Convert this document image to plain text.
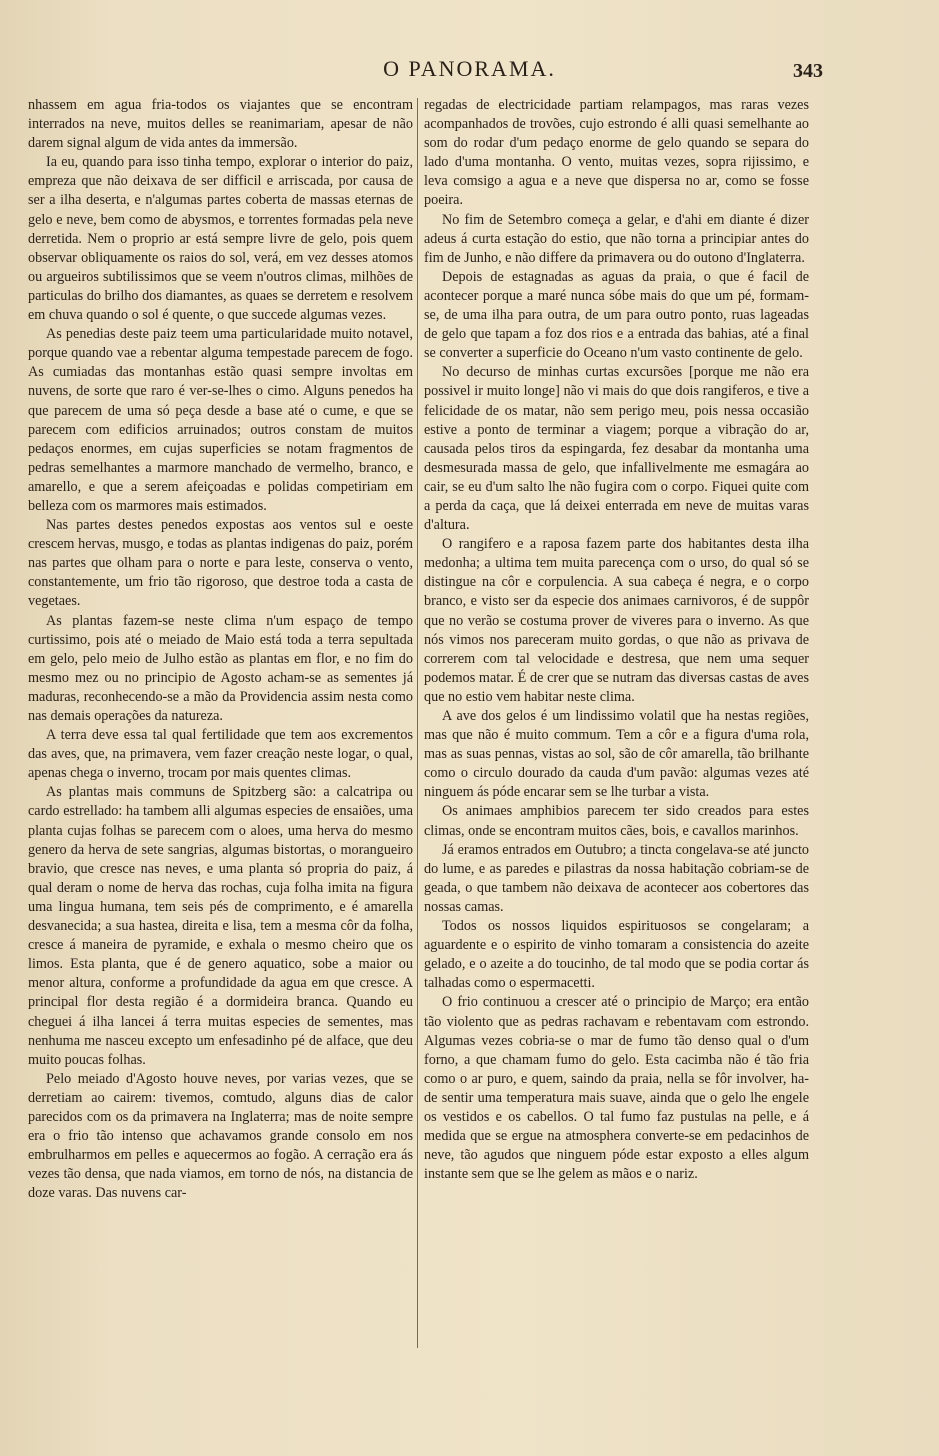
O PANORAMA.	343

nhassem em agua fria-todos os viajantes que se encontram interrados na neve, muitos delles se reanimariam, apesar de não darem signal algum de vida antes da immersão.

Ia eu, quando para isso tinha tempo, explorar o interior do paiz, empreza que não deixava de ser difficil e arriscada, por causa de ser a ilha deserta, e n'algumas partes coberta de massas eternas de gelo e neve, bem como de abysmos, e torrentes formadas pela neve derretida. Nem o proprio ar está sempre livre de gelo, pois quem observar obliquamente os raios do sol, verá, em vez desses atomos ou argueiros subtilissimos que se veem n'outros climas, milhões de particulas do brilho dos diamantes, as quaes se derretem e resolvem em chuva quando o sol é quente, o que succede algumas vezes.

As penedias deste paiz teem uma particularidade muito notavel, porque quando vae a rebentar alguma tempestade parecem de fogo. As cumiadas das montanhas estão quasi sempre involtas em nuvens, de sorte que raro é ver-se-lhes o cimo. Alguns penedos ha que parecem de uma só peça desde a base até o cume, e que se parecem com edificios arruinados; outros constam de muitos pedaços enormes, em cujas superficies se notam fragmentos de pedras semelhantes a marmore manchado de vermelho, branco, e amarello, e que a serem afeiçoadas e polidas competiriam em belleza com os marmores mais estimados.

Nas partes destes penedos expostas aos ventos sul e oeste crescem hervas, musgo, e todas as plantas indigenas do paiz, porém nas partes que olham para o norte e para leste, conserva o vento, constantemente, um frio tão rigoroso, que destroe toda a casta de vegetaes.

As plantas fazem-se neste clima n'um espaço de tempo curtissimo, pois até o meiado de Maio está toda a terra sepultada em gelo, pelo meio de Julho estão as plantas em flor, e no fim do mesmo mez ou no principio de Agosto acham-se as sementes já maduras, reconhecendo-se a mão da Providencia assim nesta como nas demais operações da natureza.

A terra deve essa tal qual fertilidade que tem aos excrementos das aves, que, na primavera, vem fazer creação neste logar, o qual, apenas chega o inverno, trocam por mais quentes climas.

As plantas mais communs de Spitzberg são: a calcatripa ou cardo estrellado: ha tambem alli algumas especies de ensaiões, uma planta cujas folhas se parecem com o aloes, uma herva do mesmo genero da herva de sete sangrias, algumas bistortas, o morangueiro bravio, que cresce nas neves, e uma planta só propria do paiz, á qual deram o nome de herva das rochas, cuja folha imita na figura uma lingua humana, tem seis pés de comprimento, e é amarella desvanecida; a sua hastea, direita e lisa, tem a mesma côr da folha, cresce á maneira de pyramide, e exhala o mesmo cheiro que os limos. Esta planta, que é de genero aquatico, sobe a maior ou menor altura, conforme a profundidade da agua em que cresce. A principal flor desta região é a dormideira branca. Quando eu cheguei á ilha lancei á terra muitas especies de sementes, mas nenhuma me nasceu excepto um enfesadinho pé de alface, que deu muito poucas folhas.

Pelo meiado d'Agosto houve neves, por varias vezes, que se derretiam ao cairem: tivemos, comtudo, alguns dias de calor parecidos com os da primavera na Inglaterra; mas de noite sempre era o frio tão intenso que achavamos grande consolo em nos embrulharmos em pelles e aquecermos ao fogão. A cerração era ás vezes tão densa, que nada viamos, em torno de nós, na distancia de doze varas. Das nuvens car-

regadas de electricidade partiam relampagos, mas raras vezes acompanhados de trovões, cujo estrondo é alli quasi semelhante ao som do rodar d'um pedaço enorme de gelo quando se separa do lado d'uma montanha. O vento, muitas vezes, sopra rijissimo, e leva comsigo a agua e a neve que dispersa no ar, como se fosse poeira.

No fim de Setembro começa a gelar, e d'ahi em diante é dizer adeus á curta estação do estio, que não torna a principiar antes do fim de Junho, e não differe da primavera ou do outono d'Inglaterra.

Depois de estagnadas as aguas da praia, o que é facil de acontecer porque a maré nunca sóbe mais do que um pé, formam-se, de uma ilha para outra, de um para outro ponto, ruas lageadas de gelo que tapam a foz dos rios e a entrada das bahias, até a final se converter a superficie do Oceano n'um vasto continente de gelo.

No decurso de minhas curtas excursões [porque me não era possivel ir muito longe] não vi mais do que dois rangiferos, e tive a felicidade de os matar, não sem perigo meu, pois nessa occasião estive a ponto de terminar a viagem; porque a vibração do ar, causada pelos tiros da espingarda, fez desabar da montanha uma desmesurada massa de gelo, que infallivelmente me esmagára ao cair, se eu d'um salto lhe não fugira com o corpo. Fiquei quite com a perda da caça, que lá deixei enterrada em neve de muitas varas d'altura.

O rangifero e a raposa fazem parte dos habitantes desta ilha medonha; a ultima tem muita parecença com o urso, do qual só se distingue na côr e corpulencia. A sua cabeça é negra, e o corpo branco, e visto ser da especie dos animaes carnivoros, é de suppôr que no verão se costuma prover de viveres para o inverno. As que nós vimos nos pareceram muito gordas, o que não as privava de correrem com tal velocidade e destresa, que nem uma sequer podemos matar. É de crer que se nutram das diversas castas de aves que no estio vem habitar neste clima.

A ave dos gelos é um lindissimo volatil que ha nestas regiões, mas que não é muito commum. Tem a côr e a figura d'uma rola, mas as suas pennas, vistas ao sol, são de côr amarella, tão brilhante como o circulo dourado da cauda d'um pavão: algumas vezes até ninguem ás póde encarar sem se lhe turbar a vista.

Os animaes amphibios parecem ter sido creados para estes climas, onde se encontram muitos cães, bois, e cavallos marinhos.

Já eramos entrados em Outubro; a tincta congelava-se até juncto do lume, e as paredes e pilastras da nossa habitação cobriam-se de geada, o que tambem não deixava de acontecer aos cobertores das nossas camas.

Todos os nossos liquidos espirituosos se congelaram; a aguardente e o espirito de vinho tomaram a consistencia do azeite gelado, e o azeite a do toucinho, de tal modo que se podia cortar ás talhadas como o espermacetti.

O frio continuou a crescer até o principio de Março; era então tão violento que as pedras rachavam e rebentavam com estrondo. Algumas vezes cobria-se o mar de fumo tão denso qual o d'um forno, a que chamam fumo do gelo. Esta cacimba não é tão fria como o ar puro, e quem, saindo da praia, nella se fôr involver, ha-de sentir uma temperatura mais suave, ainda que o gelo lhe engele os vestidos e os cabellos. O tal fumo faz pustulas na pelle, e á medida que se ergue na atmosphera converte-se em pedacinhos de neve, tão agudos que ninguem póde estar exposto a elles algum instante sem que se lhe gelem as mãos e o nariz.
